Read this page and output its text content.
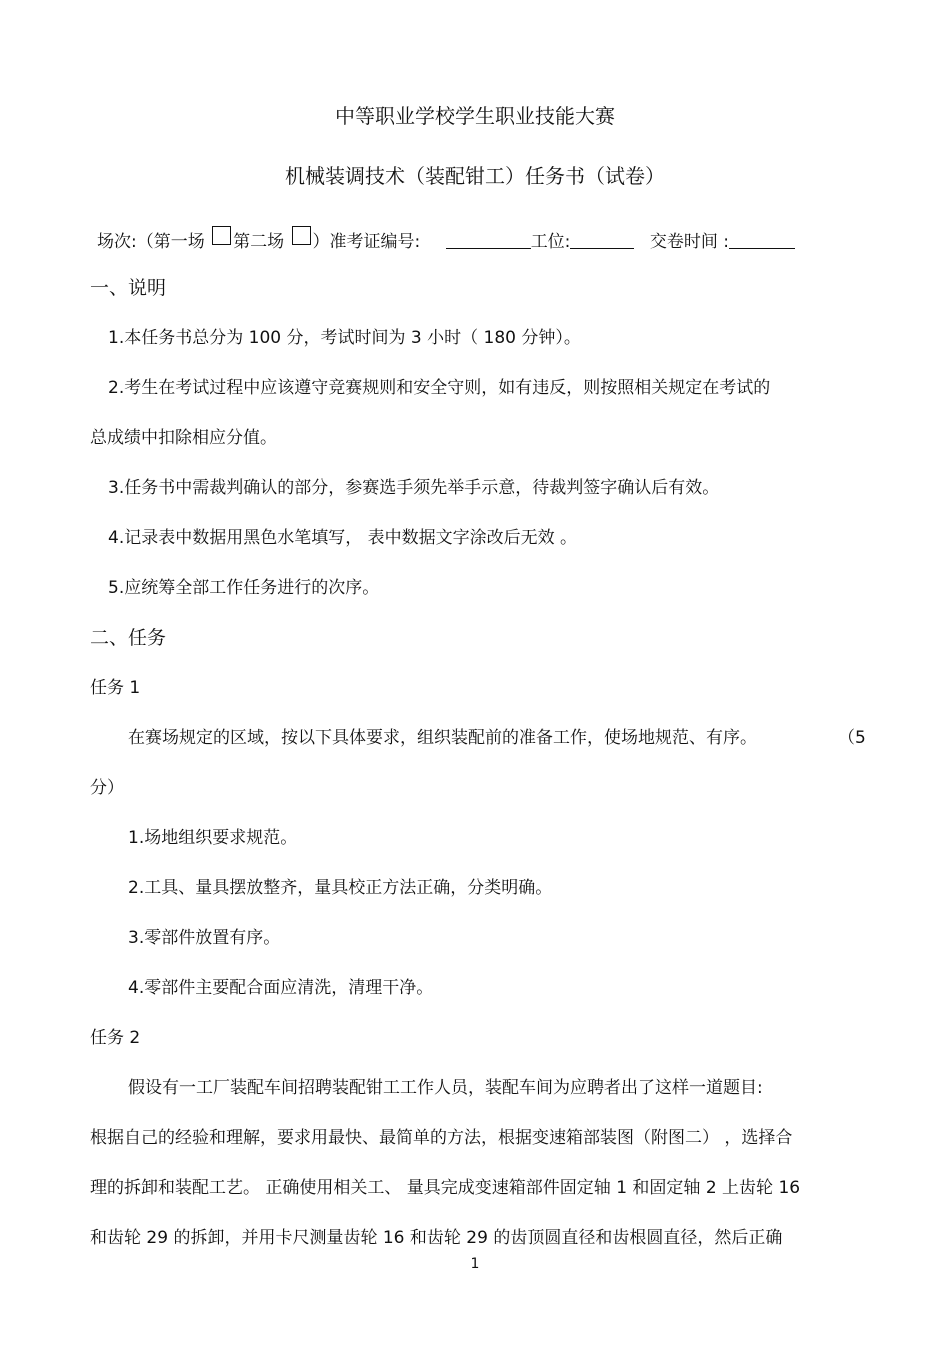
中等职业学校学生职业技能大赛
机械装调技术（装配钳工）任务书（试卷）
场次:（第一场 第二场 ）准考证编号:	工位:	交卷时间 :
一、说明
1.本任务书总分为 100 分，考试时间为 3 小时（ 180 分钟）。
2.考生在考试过程中应该遵守竞赛规则和安全守则，如有违反，则按照相关规定在考试的
总成绩中扣除相应分值。
3.任务书中需裁判确认的部分，参赛选手须先举手示意，待裁判签字确认后有效。
4.记录表中数据用黑色水笔填写， 表中数据文字涂改后无效 。
5.应统筹全部工作任务进行的次序。
二、任务
任务 1
在赛场规定的区域，按以下具体要求，组织装配前的准备工作，使场地规范、有序。	（5
分）
1.场地组织要求规范。
2.工具、量具摆放整齐，量具校正方法正确，分类明确。
3.零部件放置有序。
4.零部件主要配合面应清洗，清理干净。
任务 2
假设有一工厂装配车间招聘装配钳工工作人员，装配车间为应聘者出了这样一道题目:
根据自己的经验和理解，要求用最快、最简单的方法，根据变速箱部装图（附图二） ，选择合
理的拆卸和装配工艺。 正确使用相关工、 量具完成变速箱部件固定轴 1 和固定轴 2 上齿轮 16
和齿轮 29 的拆卸，并用卡尺测量齿轮 16 和齿轮 29 的齿顶圆直径和齿根圆直径，然后正确
1
